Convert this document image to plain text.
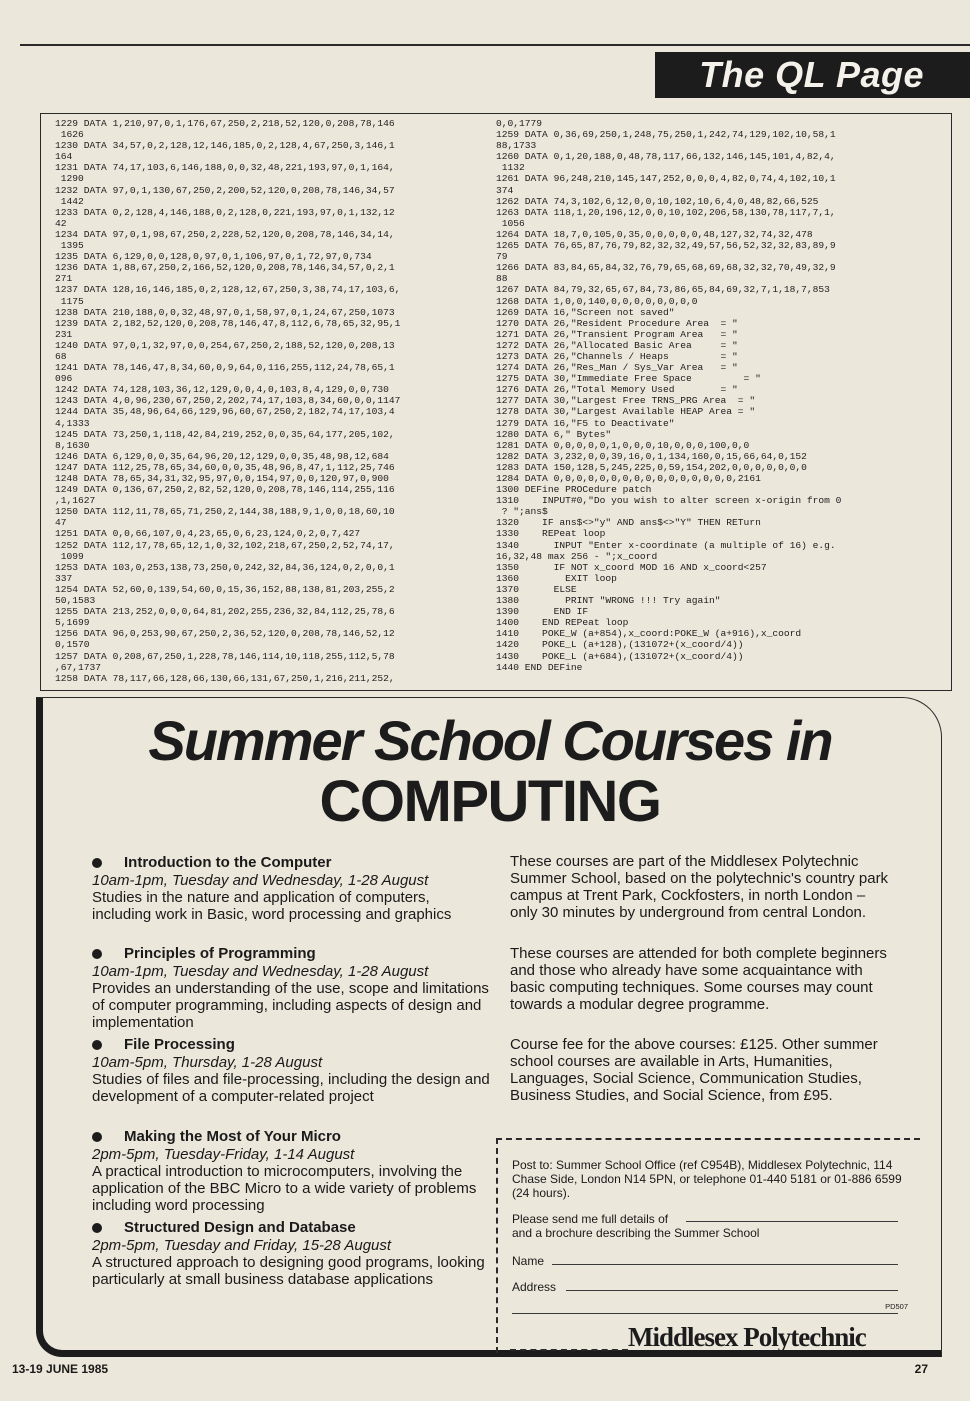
The QL Page
1229 DATA 1,210,97,0,1,176,67,250,2,218,52,120,0,208,78,146
1626
1230 DATA 34,57,0,2,128,12,146,185,0,2,128,4,67,250,3,146,1
164
1231 DATA 74,17,103,6,146,188,0,0,32,48,221,193,97,0,1,164,
1290
1232 DATA 97,0,1,130,67,250,2,200,52,120,0,208,78,146,34,57
1442
1233 DATA 0,2,128,4,146,188,0,2,128,0,221,193,97,0,1,132,12
42
1234 DATA 97,0,1,98,67,250,2,228,52,120,0,208,78,146,34,14,
1395
1235 DATA 6,129,0,0,128,0,97,0,1,106,97,0,1,72,97,0,734
1236 DATA 1,88,67,250,2,166,52,120,0,208,78,146,34,57,0,2,1
271
1237 DATA 128,16,146,185,0,2,128,12,67,250,3,38,74,17,103,6,
1175
1238 DATA 210,188,0,0,32,48,97,0,1,58,97,0,1,24,67,250,1073
1239 DATA 2,182,52,120,0,208,78,146,47,8,112,6,78,65,32,95,1
231
1240 DATA 97,0,1,32,97,0,0,254,67,250,2,188,52,120,0,208,13
68
1241 DATA 78,146,47,8,34,60,0,9,64,0,116,255,112,24,78,65,1
096
1242 DATA 74,128,103,36,12,129,0,0,4,0,103,8,4,129,0,0,730
1243 DATA 4,0,96,230,67,250,2,202,74,17,103,8,34,60,0,0,1147
1244 DATA 35,48,96,64,66,129,96,60,67,250,2,182,74,17,103,4
4,1333
1245 DATA 73,250,1,118,42,84,219,252,0,0,35,64,177,205,102,
8,1630
1246 DATA 6,129,0,0,35,64,96,20,12,129,0,0,35,48,98,12,684
1247 DATA 112,25,78,65,34,60,0,0,35,48,96,8,47,1,112,25,746
1248 DATA 78,65,34,31,32,95,97,0,0,154,97,0,0,120,97,0,900
1249 DATA 0,136,67,250,2,82,52,120,0,208,78,146,114,255,116
,1,1627
1250 DATA 112,11,78,65,71,250,2,144,38,188,9,1,0,0,18,60,10
47
1251 DATA 0,0,66,107,0,4,23,65,0,6,23,124,0,2,0,7,427
1252 DATA 112,17,78,65,12,1,0,32,102,218,67,250,2,52,74,17,
1099
1253 DATA 103,0,253,138,73,250,0,242,32,84,36,124,0,2,0,0,1
337
1254 DATA 52,60,0,139,54,60,0,15,36,152,88,138,81,203,255,2
50,1583
1255 DATA 213,252,0,0,0,64,81,202,255,236,32,84,112,25,78,6
5,1699
1256 DATA 96,0,253,90,67,250,2,36,52,120,0,208,78,146,52,12
0,1570
1257 DATA 0,208,67,250,1,228,78,146,114,10,118,255,112,5,78
,67,1737
1258 DATA 78,117,66,128,66,130,66,131,67,250,1,216,211,252,
0,0,1779
1259 DATA 0,36,69,250,1,248,75,250,1,242,74,129,102,10,58,1
88,1733
1260 DATA 0,1,20,188,0,48,78,117,66,132,146,145,101,4,82,4,
1132
1261 DATA 96,248,210,145,147,252,0,0,0,4,82,0,74,4,102,10,1
374
1262 DATA 74,3,102,6,12,0,0,10,102,10,6,4,0,48,82,66,525
1263 DATA 118,1,20,196,12,0,0,10,102,206,58,130,78,117,7,1,
1056
1264 DATA 18,7,0,105,0,35,0,0,0,0,0,48,127,32,74,32,478
1265 DATA 76,65,87,76,79,82,32,32,49,57,56,52,32,32,83,89,9
79
1266 DATA 83,84,65,84,32,76,79,65,68,69,68,32,32,70,49,32,9
88
1267 DATA 84,79,32,65,67,84,73,86,65,84,69,32,7,1,18,7,853
1268 DATA 1,0,0,140,0,0,0,0,0,0,0,0
1269 DATA 16,"Screen not saved"
1270 DATA 26,"Resident Procedure Area  = "
1271 DATA 26,"Transient Program Area   = "
1272 DATA 26,"Allocated Basic Area     = "
1273 DATA 26,"Channels / Heaps         = "
1274 DATA 26,"Res_Man / Sys_Var Area   = "
1275 DATA 30,"Immediate Free Space         = "
1276 DATA 26,"Total Memory Used        = "
1277 DATA 30,"Largest Free TRNS_PRG Area  = "
1278 DATA 30,"Largest Available HEAP Area = "
1279 DATA 16,"F5 to Deactivate"
1280 DATA 6," Bytes"
1281 DATA 0,0,0,0,0,1,0,0,0,10,0,0,0,100,0,0
1282 DATA 3,232,0,0,39,16,0,1,134,160,0,15,66,64,0,152
1283 DATA 150,128,5,245,225,0,59,154,202,0,0,0,0,0,0,0
1284 DATA 0,0,0,0,0,0,0,0,0,0,0,0,0,0,0,0,2161
1300 DEFine PROCedure patch
1310    INPUT#0,"Do you wish to alter screen x-origin from 0
? ";ans$
1320    IF ans$<>"y" AND ans$<>"Y" THEN RETurn
1330    REPeat loop
1340      INPUT "Enter x-coordinate (a multiple of 16) e.g.
16,32,48 max 256 - ";x_coord
1350      IF NOT x_coord MOD 16 AND x_coord<257
1360        EXIT loop
1370      ELSE
1380        PRINT "WRONG !!! Try again"
1390      END IF
1400    END REPeat loop
1410    POKE_W (a+854),x_coord:POKE_W (a+916),x_coord
1420    POKE_L (a+128),(131072+(x_coord/4))
1430    POKE_L (a+684),(131072+(x_coord/4))
1440 END DEFine
Summer School Courses in
COMPUTING
Introduction to the Computer
10am-1pm, Tuesday and Wednesday, 1-28 August
Studies in the nature and application of computers, including work in Basic, word processing and graphics
Principles of Programming
10am-1pm, Tuesday and Wednesday, 1-28 August
Provides an understanding of the use, scope and limitations of computer programming, including aspects of design and implementation
File Processing
10am-5pm, Thursday, 1-28 August
Studies of files and file-processing, including the design and development of a computer-related project
Making the Most of Your Micro
2pm-5pm, Tuesday-Friday, 1-14 August
A practical introduction to microcomputers, involving the application of the BBC Micro to a wide variety of problems including word processing
Structured Design and Database
2pm-5pm, Tuesday and Friday, 15-28 August
A structured approach to designing good programs, looking particularly at small business database applications
These courses are part of the Middlesex Polytechnic Summer School, based on the polytechnic's country park campus at Trent Park, Cockfosters, in north London – only 30 minutes by underground from central London.
These courses are attended for both complete beginners and those who already have some acquaintance with basic computing techniques. Some courses may count towards a modular degree programme.
Course fee for the above courses: £125. Other summer school courses are available in Arts, Humanities, Languages, Social Science, Communication Studies, Business Studies, and Social Science, from £95.
Post to: Summer School Office (ref C954B), Middlesex Polytechnic, 114 Chase Side, London N14 5PN, or telephone 01-440 5181 or 01-886 6599 (24 hours).
Please send me full details of
and a brochure describing the Summer School
Name
Address
PD507
Middlesex Polytechnic
13-19 JUNE 1985	27
